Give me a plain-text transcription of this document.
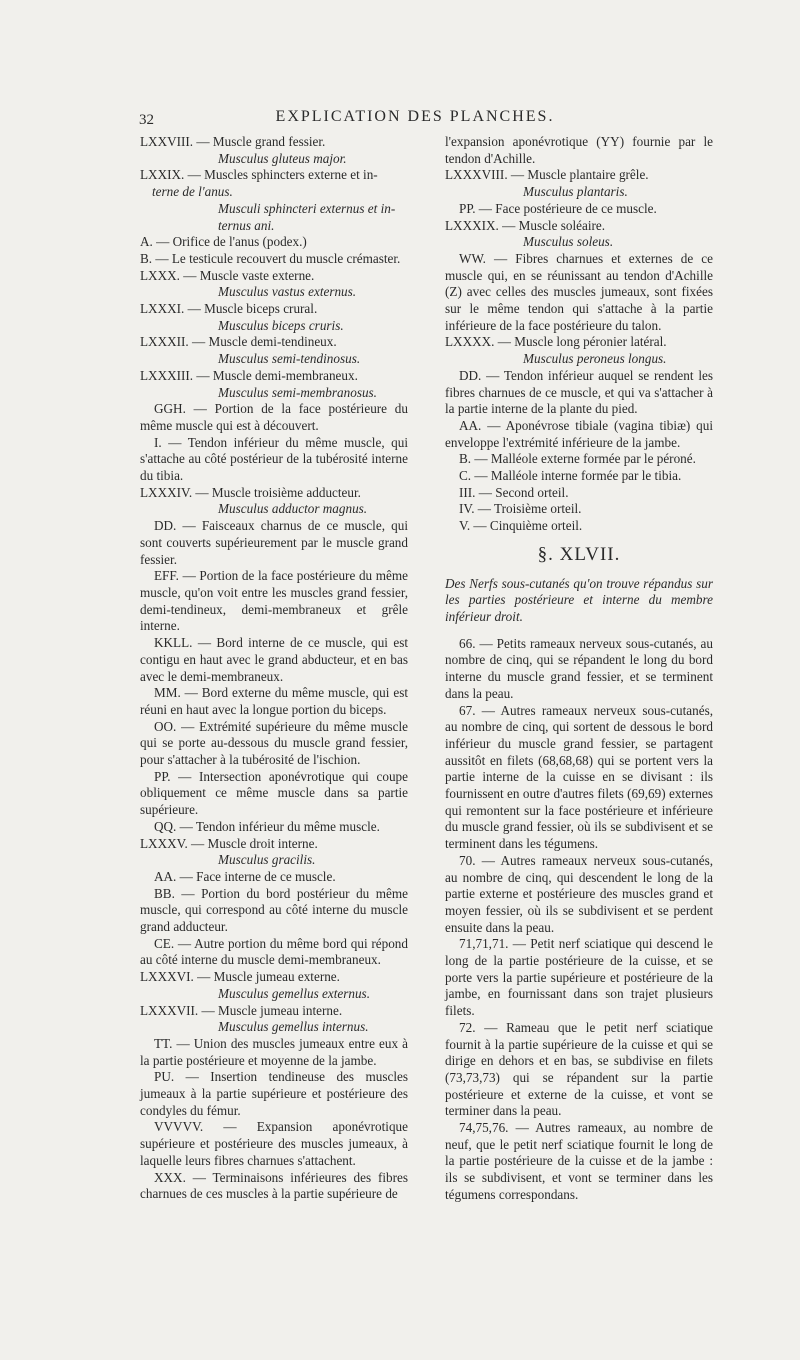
32	EXPLICATION DES PLANCHES.

LXXVIII. — Muscle grand fessier.

Musculus gluteus major.

LXXIX. — Muscles sphincters externe et in-

terne de l'anus.
Musculi sphincteri externus et in-
ternus ani.

A. — Orifice de l'anus (podex.)

B. — Le testicule recouvert du muscle crémaster.

LXXX. — Muscle vaste externe.

Musculus vastus externus.

LXXXI. — Muscle biceps crural.

Musculus biceps cruris.

LXXXII. — Muscle demi-tendineux.

Musculus semi-tendinosus.

LXXXIII. — Muscle demi-membraneux.

Musculus semi-membranosus.

GGH. — Portion de la face postérieure du même muscle qui est à découvert.

I. — Tendon inférieur du même muscle, qui s'attache au côté postérieur de la tubérosité interne du tibia.

LXXXIV. — Muscle troisième adducteur.

Musculus adductor magnus.

DD. — Faisceaux charnus de ce muscle, qui sont couverts supérieurement par le muscle grand fessier.

EFF. — Portion de la face postérieure du même muscle, qu'on voit entre les muscles grand fessier, demi-tendineux, demi-membraneux et grêle interne.

KKLL. — Bord interne de ce muscle, qui est contigu en haut avec le grand abducteur, et en bas avec le demi-membraneux.

MM. — Bord externe du même muscle, qui est réuni en haut avec la longue portion du biceps.

OO. — Extrémité supérieure du même muscle qui se porte au-dessous du muscle grand fessier, pour s'attacher à la tubérosité de l'ischion.

PP. — Intersection aponévrotique qui coupe obliquement ce même muscle dans sa partie supérieure.

QQ. — Tendon inférieur du même muscle.

LXXXV. — Muscle droit interne.

Musculus gracilis.

AA. — Face interne de ce muscle.

BB. — Portion du bord postérieur du même muscle, qui correspond au côté interne du muscle grand adducteur.

CE. — Autre portion du même bord qui répond au côté interne du muscle demi-membraneux.

LXXXVI. — Muscle jumeau externe.

Musculus gemellus externus.

LXXXVII. — Muscle jumeau interne.

Musculus gemellus internus.

TT. — Union des muscles jumeaux entre eux à la partie postérieure et moyenne de la jambe.

PU. — Insertion tendineuse des muscles jumeaux à la partie supérieure et postérieure des condyles du fémur.

VVVVV. — Expansion aponévrotique supérieure et postérieure des muscles jumeaux, à laquelle leurs fibres charnues s'attachent.

XXX. — Terminaisons inférieures des fibres charnues de ces muscles à la partie supérieure de

l'expansion aponévrotique (YY) fournie par le tendon d'Achille.

LXXXVIII. — Muscle plantaire grêle.

Musculus plantaris.

PP. — Face postérieure de ce muscle.

LXXXIX. — Muscle soléaire.

Musculus soleus.

WW. — Fibres charnues et externes de ce muscle qui, en se réunissant au tendon d'Achille (Z) avec celles des muscles jumeaux, sont fixées sur le même tendon qui s'attache à la partie inférieure de la face postérieure du talon.

LXXXX. — Muscle long péronier latéral.

Musculus peroneus longus.

DD. — Tendon inférieur auquel se rendent les fibres charnues de ce muscle, et qui va s'attacher à la partie interne de la plante du pied.

AA. — Aponévrose tibiale (vagina tibiæ) qui enveloppe l'extrémité inférieure de la jambe.

B. — Malléole externe formée par le péroné.

C. — Malléole interne formée par le tibia.

III. — Second orteil.

IV. — Troisième orteil.

V. — Cinquième orteil.

§. XLVII.

Des Nerfs sous-cutanés qu'on trouve répandus sur les parties postérieure et interne du membre inférieur droit.

66. — Petits rameaux nerveux sous-cutanés, au nombre de cinq, qui se répandent le long du bord interne du muscle grand fessier, et se terminent dans la peau.

67. — Autres rameaux nerveux sous-cutanés, au nombre de cinq, qui sortent de dessous le bord inférieur du muscle grand fessier, se partagent aussitôt en filets (68,68,68) qui se portent vers la partie interne de la cuisse en se divisant : ils fournissent en outre d'autres filets (69,69) externes qui remontent sur la face postérieure et inférieure du muscle grand fessier, où ils se subdivisent et se terminent dans les tégumens.

70. — Autres rameaux nerveux sous-cutanés, au nombre de cinq, qui descendent le long de la partie externe et postérieure des muscles grand et moyen fessier, où ils se subdivisent et se perdent ensuite dans la peau.

71,71,71. — Petit nerf sciatique qui descend le long de la partie postérieure de la cuisse, et se porte vers la partie supérieure et postérieure de la jambe, en fournissant dans son trajet plusieurs filets.

72. — Rameau que le petit nerf sciatique fournit à la partie supérieure de la cuisse et qui se dirige en dehors et en bas, se subdivise en filets (73,73,73) qui se répandent sur la partie postérieure et externe de la cuisse, et vont se terminer dans la peau.

74,75,76. — Autres rameaux, au nombre de neuf, que le petit nerf sciatique fournit le long de la partie postérieure de la cuisse et de la jambe : ils se subdivisent, et vont se terminer dans les tégumens correspondans.
